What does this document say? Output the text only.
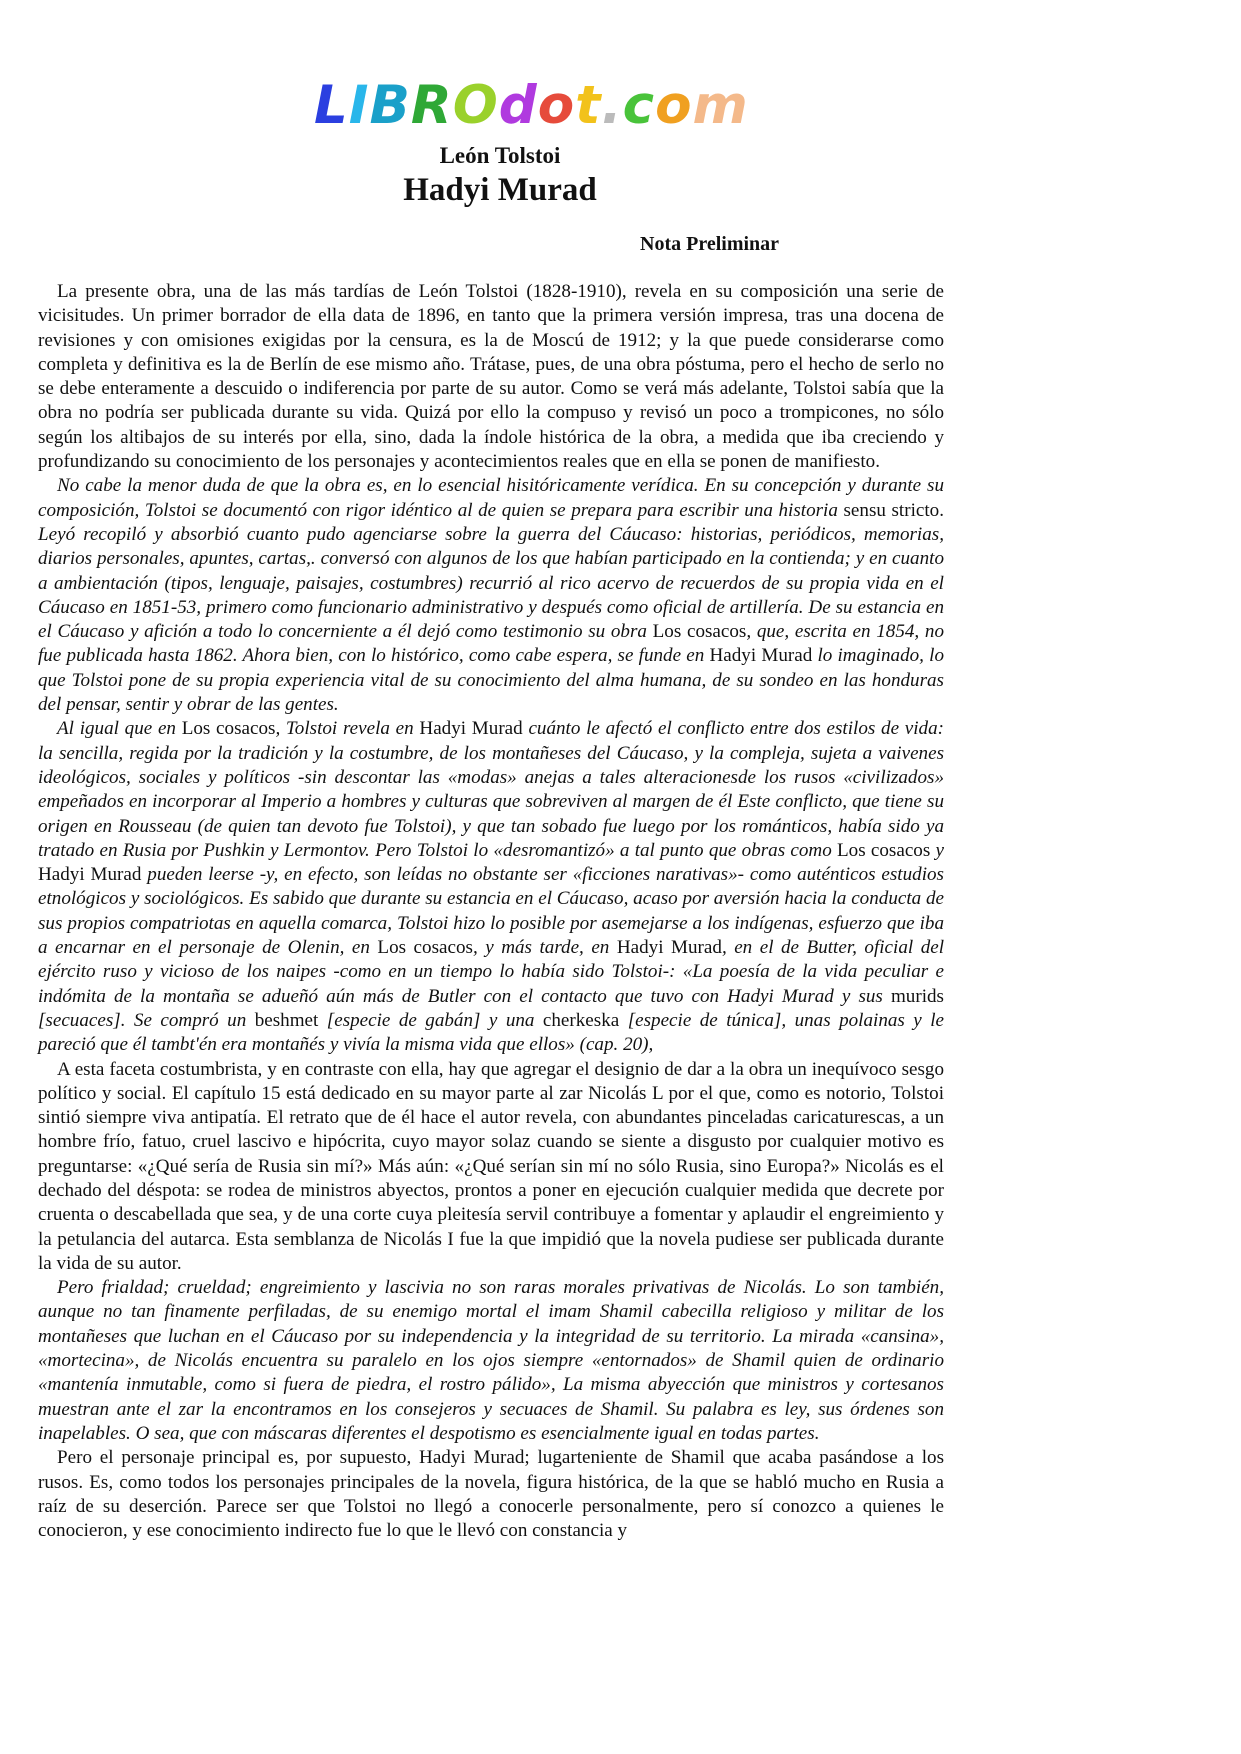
LIBROdot.com
León Tolstoi
Hadyi Murad
Nota Preliminar

La presente obra, una de las más tardías de León Tolstoi (1828-1910), revela en su composición una serie de vicisitudes. Un primer borrador de ella data de 1896, en tanto que la primera versión impresa, tras una docena de revisiones y con omisiones exigidas por la censura, es la de Moscú de 1912; y la que puede considerarse como completa y definitiva es la de Berlín de ese mismo año. Trátase, pues, de una obra póstuma, pero el hecho de serlo no se debe enteramente a descuido o indiferencia por parte de su autor. Como se verá más adelante, Tolstoi sabía que la obra no podría ser publicada durante su vida. Quizá por ello la compuso y revisó un poco a trompicones, no sólo según los altibajos de su interés por ella, sino, dada la índole histórica de la obra, a medida que iba creciendo y profundizando su conocimiento de los personajes y acontecimientos reales que en ella se ponen de manifiesto.

No cabe la menor duda de que la obra es, en lo esencial hisitóricamente verídica. En su concepción y durante su composición, Tolstoi se documentó con rigor idéntico al de quien se prepara para escribir una historia sensu stricto. Leyó recopiló y absorbió cuanto pudo agenciarse sobre la guerra del Cáucaso: historias, periódicos, memorias, diarios personales, apuntes, cartas,. conversó con algunos de los que habían participado en la contienda; y en cuanto a ambientación (tipos, lenguaje, paisajes, costumbres) recurrió al rico acervo de recuerdos de su propia vida en el Cáucaso en 1851-53, primero como funcionario administrativo y después como oficial de artillería. De su estancia en el Cáucaso y afición a todo lo concerniente a él dejó como testimonio su obra Los cosacos, que, escrita en 1854, no fue publicada hasta 1862. Ahora bien, con lo histórico, como cabe espera, se funde en Hadyi Murad lo imaginado, lo que Tolstoi pone de su propia experiencia vital de su conocimiento del alma humana, de su sondeo en las honduras del pensar, sentir y obrar de las gentes.

Al igual que en Los cosacos, Tolstoi revela en Hadyi Murad cuánto le afectó el conflicto entre dos estilos de vida: la sencilla, regida por la tradición y la costumbre, de los montañeses del Cáucaso, y la compleja, sujeta a vaivenes ideológicos, sociales y políticos -sin descontar las «modas» anejas a tales alteracionesde los rusos «civilizados» empeñados en incorporar al Imperio a hombres y culturas que sobreviven al margen de él Este conflicto, que tiene su origen en Rousseau (de quien tan devoto fue Tolstoi), y que tan sobado fue luego por los románticos, había sido ya tratado en Rusia por Pushkin y Lermontov. Pero Tolstoi lo «desromantizó» a tal punto que obras como Los cosacos y Hadyi Murad pueden leerse -y, en efecto, son leídas no obstante ser «ficciones narativas»- como auténticos estudios etnológicos y sociológicos. Es sabido que durante su estancia en el Cáucaso, acaso por aversión hacia la conducta de sus propios compatriotas en aquella comarca, Tolstoi hizo lo posible por asemejarse a los indígenas, esfuerzo que iba a encarnar en el personaje de Olenin, en Los cosacos, y más tarde, en Hadyi Murad, en el de Butter, oficial del ejército ruso y vicioso de los naipes -como en un tiempo lo había sido Tolstoi-: «La poesía de la vida peculiar e indómita de la montaña se adueñó aún más de Butler con el contacto que tuvo con Hadyi Murad y sus murids [secuaces]. Se compró un beshmet [especie de gabán] y una cherkeska [especie de túnica], unas polainas y le pareció que él tambt'én era montañés y vivía la misma vida que ellos» (cap. 20),

A esta faceta costumbrista, y en contraste con ella, hay que agregar el designio de dar a la obra un inequívoco sesgo político y social. El capítulo 15 está dedicado en su mayor parte al zar Nicolás L por el que, como es notorio, Tolstoi sintió siempre viva antipatía. El retrato que de él hace el autor revela, con abundantes pinceladas caricaturescas, a un hombre frío, fatuo, cruel lascivo e hipócrita, cuyo mayor solaz cuando se siente a disgusto por cualquier motivo es preguntarse: «¿Qué sería de Rusia sin mí?» Más aún: «¿Qué serían sin mí no sólo Rusia, sino Europa?» Nicolás es el dechado del déspota: se rodea de ministros abyectos, prontos a poner en ejecución cualquier medida que decrete por cruenta o descabellada que sea, y de una corte cuya pleitesía servil contribuye a fomentar y aplaudir el engreimiento y la petulancia del autarca. Esta semblanza de Nicolás I fue la que impidió que la novela pudiese ser publicada durante la vida de su autor.

Pero frialdad; crueldad; engreimiento y lascivia no son raras morales privativas de Nicolás. Lo son también, aunque no tan finamente perfiladas, de su enemigo mortal el imam Shamil cabecilla religioso y militar de los montañeses que luchan en el Cáucaso por su independencia y la integridad de su territorio. La mirada «cansina», «mortecina», de Nicolás encuentra su paralelo en los ojos siempre «entornados» de Shamil quien de ordinario «mantenía inmutable, como si fuera de piedra, el rostro pálido», La misma abyección que ministros y cortesanos muestran ante el zar la encontramos en los consejeros y secuaces de Shamil. Su palabra es ley, sus órdenes son inapelables. O sea, que con máscaras diferentes el despotismo es esencialmente igual en todas partes.

Pero el personaje principal es, por supuesto, Hadyi Murad; lugarteniente de Shamil que acaba pasándose a los rusos. Es, como todos los personajes principales de la novela, figura histórica, de la que se habló mucho en Rusia a raíz de su deserción. Parece ser que Tolstoi no llegó a conocerle personalmente, pero sí conozco a quienes le conocieron, y ese conocimiento indirecto fue lo que le llevó con constancia y
